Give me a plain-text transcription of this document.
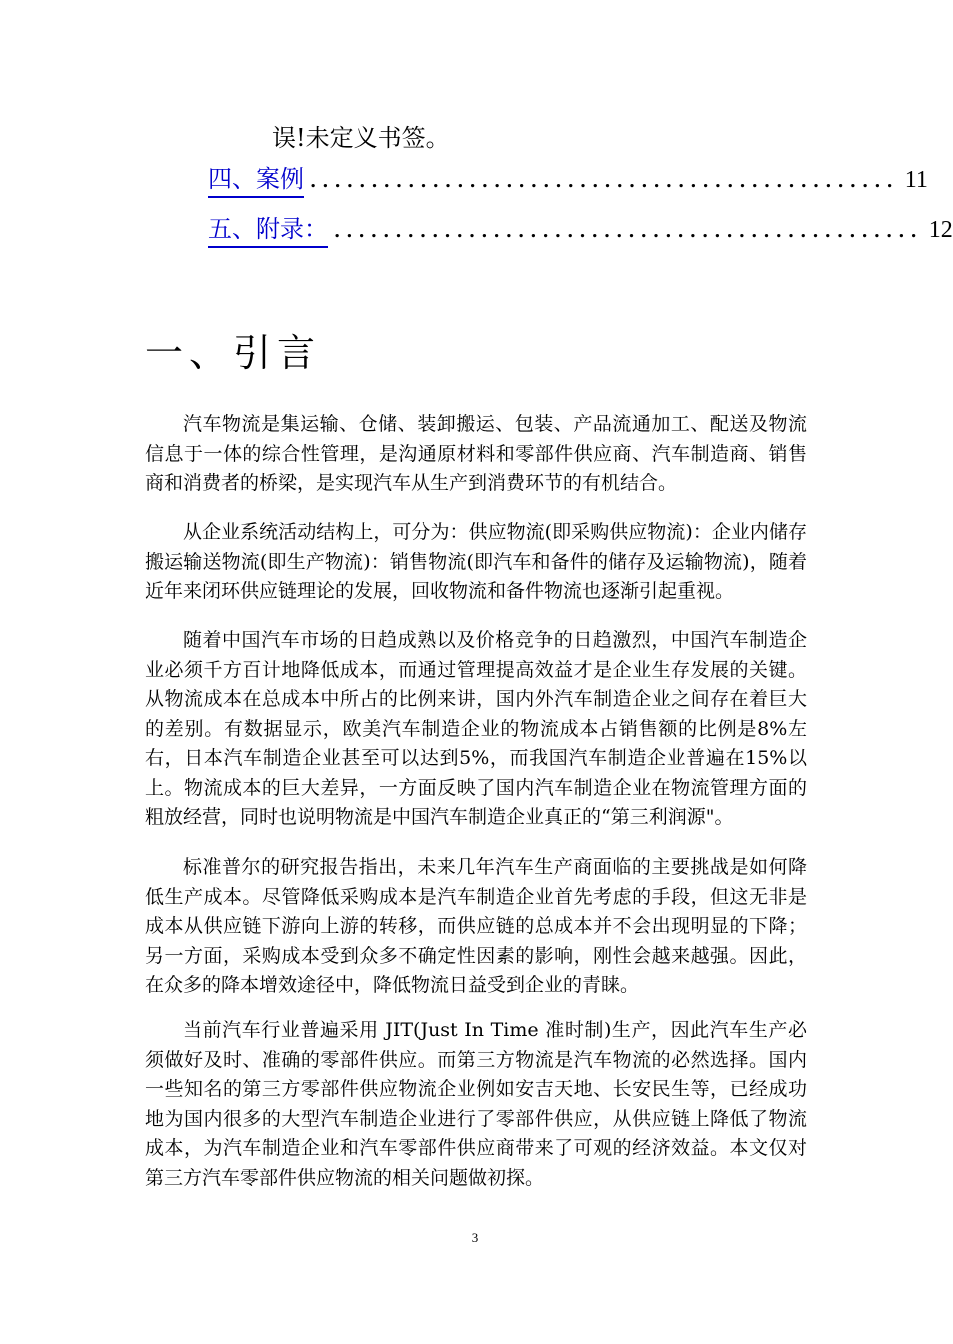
误!未定义书签。
四、案例 ................................................ 11
五、附录： ................................................ 12
一、引言

汽车物流是集运输、仓储、装卸搬运、包装、产品流通加工、配送及物流信息于一体的综合性管理，是沟通原材料和零部件供应商、汽车制造商、销售商和消费者的桥梁，是实现汽车从生产到消费环节的有机结合。

从企业系统活动结构上，可分为：供应物流(即采购供应物流)：企业内储存搬运输送物流(即生产物流)：销售物流(即汽车和备件的储存及运输物流)，随着近年来闭环供应链理论的发展，回收物流和备件物流也逐渐引起重视。

随着中国汽车市场的日趋成熟以及价格竞争的日趋激烈，中国汽车制造企业必须千方百计地降低成本，而通过管理提高效益才是企业生存发展的关键。从物流成本在总成本中所占的比例来讲，国内外汽车制造企业之间存在着巨大的差别。有数据显示，欧美汽车制造企业的物流成本占销售额的比例是8%左右，日本汽车制造企业甚至可以达到5%，而我国汽车制造企业普遍在15%以上。物流成本的巨大差异，一方面反映了国内汽车制造企业在物流管理方面的粗放经营，同时也说明物流是中国汽车制造企业真正的“第三利润源"。

标准普尔的研究报告指出，未来几年汽车生产商面临的主要挑战是如何降低生产成本。尽管降低采购成本是汽车制造企业首先考虑的手段，但这无非是成本从供应链下游向上游的转移，而供应链的总成本并不会出现明显的下降；另一方面，采购成本受到众多不确定性因素的影响，刚性会越来越强。因此，在众多的降本增效途径中，降低物流日益受到企业的青睐。

当前汽车行业普遍采用 JIT(Just In Time 准时制)生产，因此汽车生产必须做好及时、准确的零部件供应。而第三方物流是汽车物流的必然选择。国内一些知名的第三方零部件供应物流企业例如安吉天地、长安民生等，已经成功地为国内很多的大型汽车制造企业进行了零部件供应，从供应链上降低了物流成本，为汽车制造企业和汽车零部件供应商带来了可观的经济效益。本文仅对第三方汽车零部件供应物流的相关问题做初探。

3
